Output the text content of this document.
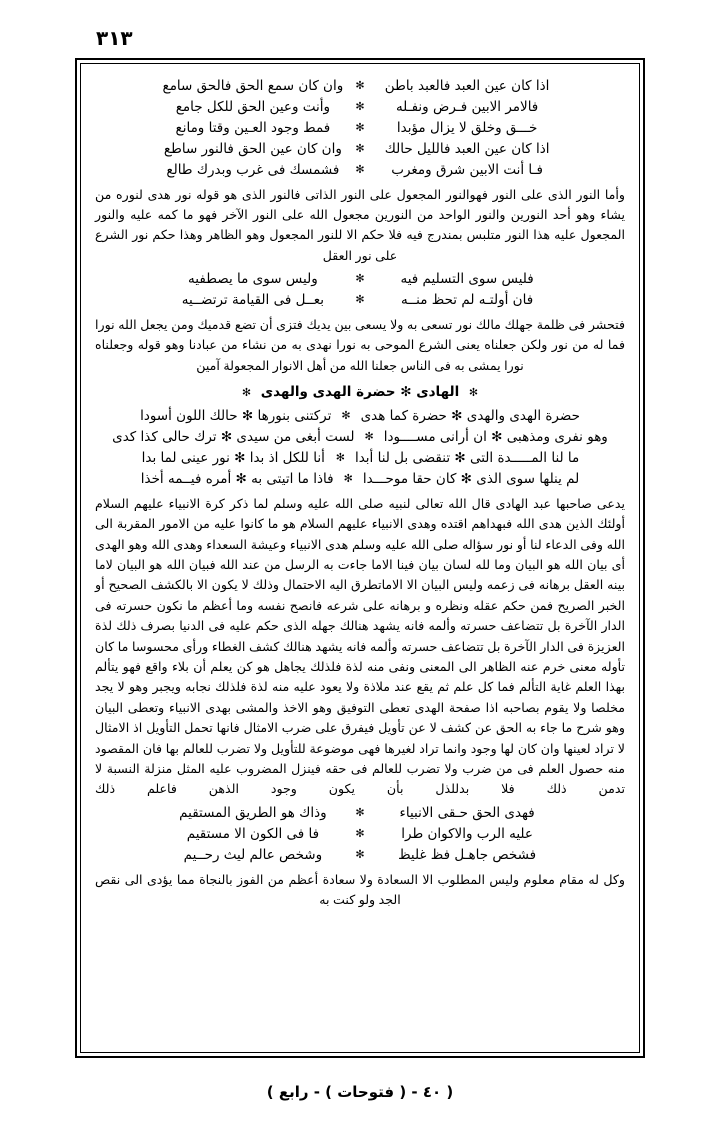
٣١٣
اذا كان عين العبد فالعبد باطن
✻
وان كان سمع الحق فالحق سامع
فالامر الابين فـرض ونفـله
✻
وأنت وعين الحق للكل جامع
خـــق وخلق لا يزال مؤبدا
✻
فمط وجود العـين وقتا ومانع
اذا كان عين العبد فالليل حالك
✻
وان كان عين الحق فالنور ساطع
فـا أنت الابين شرق ومغرب
✻
فشمسك فى غرب وبدرك طالع

وأما النور الذى على النور فهوالنور المجعول على النور الذاتى فالنور الذى هو قوله نور هدى لنوره من يشاء وهو أحد النورين والنور الواحد من النورين مجعول الله على النور الآخر فهو ما كمه عليه والنور المجعول عليه هذا النور متلبس بمندرج فيه فلا حكم الا للنور المجعول وهو الظاهر وهذا حكم نور الشرع على نور العقل

فليس سوى التسليم فيه
✻
وليس سوى ما يصطفيه
فان أولتـه لم تحظ منــه
✻
بعــل فى القيامة ترتضــيه

فتحشر فى ظلمة جهلك مالك نور تسعى به ولا يسعى بين يديك فتزى أن تضع قدميك ومن يجعل الله نورا فما له من نور ولكن جعلناه يعنى الشرع الموحى به نورا نهدى به من نشاء من عبادنا وهو قوله وجعلناه نورا يمشى به فى الناس جعلنا الله من أهل الانوار المجعولة آمين

✻ الهادى ✻ حضرة الهدى والهدى ✻
حضرة الهدى والهدى ✻ حضرة كما هدى
✻
تركتنى بنورها ✻ حالك اللون أسودا
وهو نفرى ومذهبى ✻ ان أرانى مســــودا
✻
لست أبغى من سيدى ✻ ترك حالى كذا كدى
ما لنا المـــــدة التى ✻ تنقضى بل لنا أبدا
✻
أنا للكل اذ بدا ✻ نور عينى لما بدا
لم ينلها سوى الذى ✻ كان حقا موحـــدا
✻
فاذا ما اتيتى به ✻ أمره فيــمه أخذا

يدعى صاحبها عبد الهادى قال الله تعالى لنبيه صلى الله عليه وسلم لما ذكر كرة الانبياء عليهم السلام أولئك الذين هدى الله فبهداهم اقتده وهدى الانبياء عليهم السلام هو ما كانوا عليه من الامور المقربة الى الله وفى الدعاء لنا أو نور سؤاله صلى الله عليه وسلم هدى الانبياء وعيشة السعداء وهدى الله وهو الهدى أى بيان الله هو البيان وما لله لسان بيان فينا الاما جاءت به الرسل من عند الله فبيان الله هو البيان لاما بينه العقل برهانه فى زعمه وليس البيان الا الاماتطرق اليه الاحتمال وذلك لا يكون الا بالكشف الصحيح أو الخبر الصريح فمن حكم عقله ونظره و برهانه على شرعه فانصح نفسه وما أعظم ما نكون حسرته فى الدار الآخرة بل تتضاعف حسرته وألمه فانه يشهد هنالك جهله الذى حكم عليه فى الدنيا بصرف ذلك لذة العزيزة فى الدار الآخرة بل تتضاعف حسرته وألمه فانه يشهد هنالك كشف الغطاء ورأى محسوسا ما كان تأوله معنى خرم عنه الظاهر الى المعنى ونفى منه لذة فلذلك يجاهل هو كن يعلم أن بلاء واقع فهو يتألم بهذا العلم غاية التألم فما كل علم ثم يقع عند ملاذة ولا يعود عليه منه لذة فلذلك نجابه ويجبر وهو لا يجد مخلصا ولا يقوم بصاحبه اذا صفحة الهدى تعطى التوفيق وهو الاخذ والمشى بهدى الانبياء وتعطى البيان وهو شرح ما جاء به الحق عن كشف لا عن تأويل فيفرق على ضرب الامثال فانها تحمل التأويل اذ الامثال لا تراد لعينها وان كان لها وجود وانما تراد لغيرها فهى موضوعة للتأويل ولا تضرب للعالم بها فان المقصود منه حصول العلم فى من ضرب ولا تضرب للعالم فى حقه فينزل المضروب عليه المثل منزلة النسبة لا تدمن ذلك فلا بدللذل بأن يكون وجود الذهن فاعلم ذلك

فهدى الحق حـقى الانبياء
✻
وذاك هو الطريق المستقيم
عليه الرب والاكوان طرا
✻
فا فى الكون الا مستقيم
فشخص جاهـل فظ غليظ
✻
وشخص عالم ليث رحــيم

وكل له مقام معلوم وليس المطلوب الا السعادة ولا سعادة أعظم من الفوز بالنجاة مما يؤدى الى نقص الجد ولو كنت به

( ٤٠ - ( فتوحات ) - رابع )
